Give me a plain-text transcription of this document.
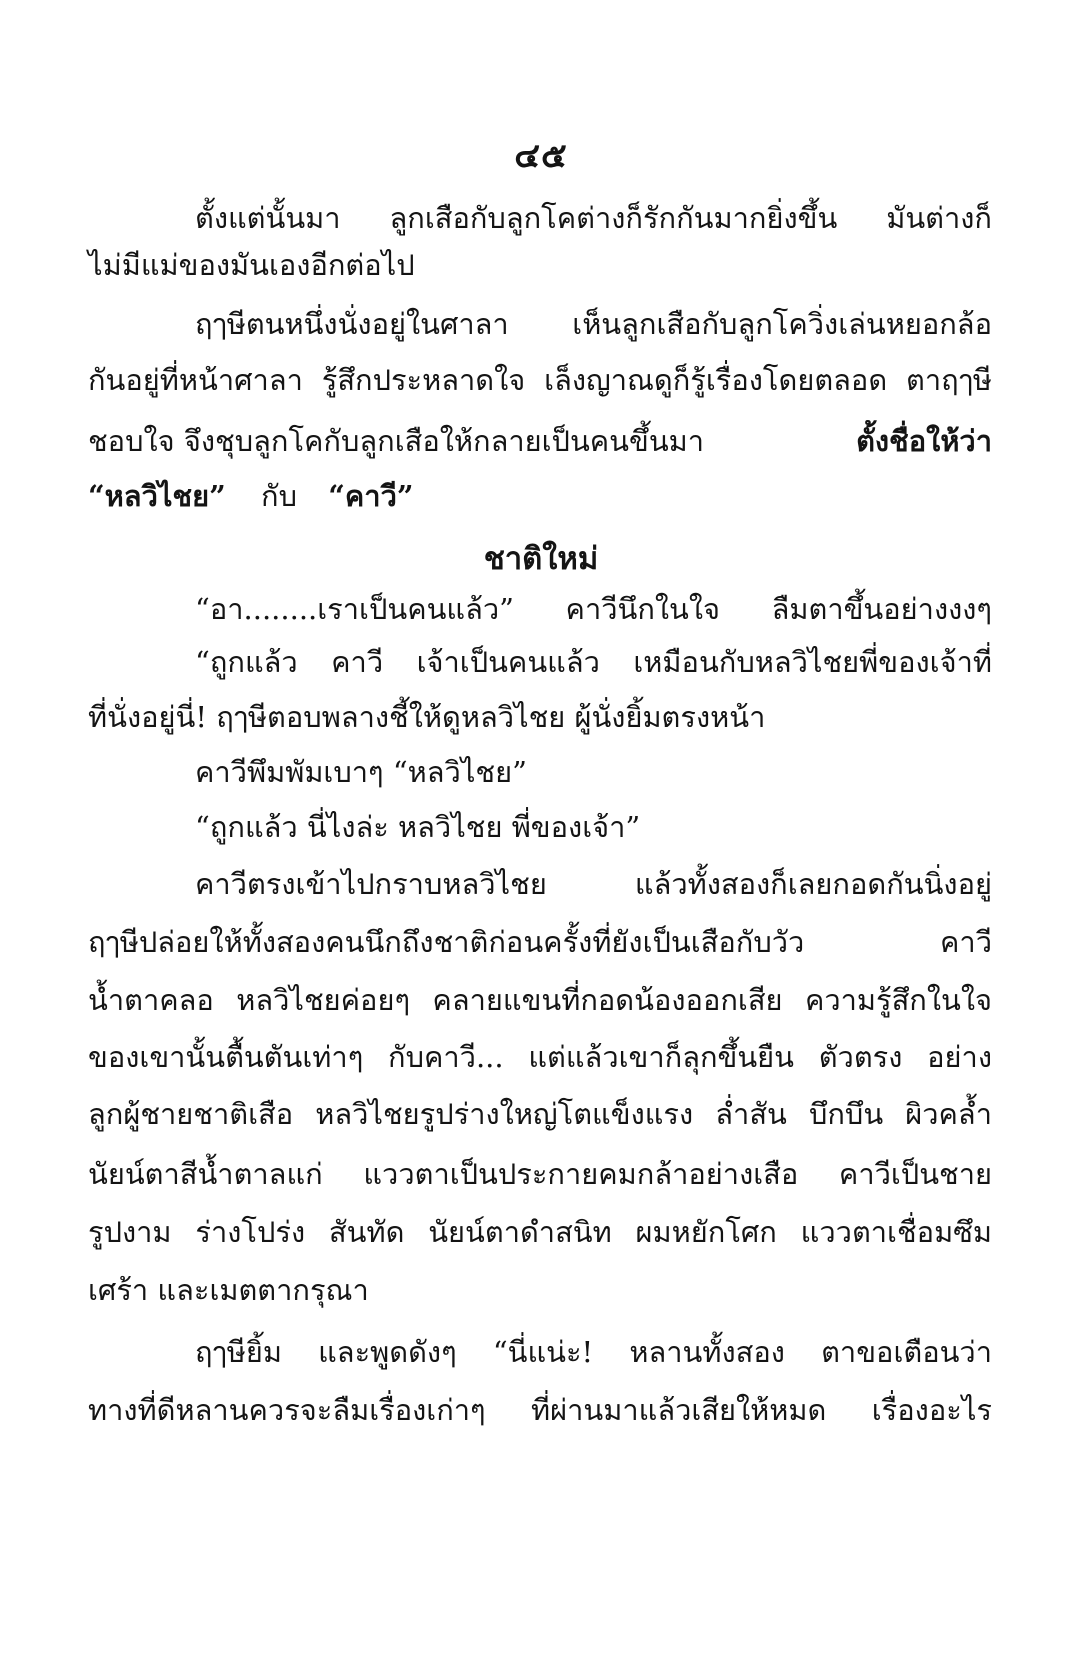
๔๕
ตั้งแต่นั้นมา ลูกเสือกับลูกโคต่างก็รักกันมากยิ่งขึ้น มันต่างก็
ไม่มีแม่ของมันเองอีกต่อไป
ฤๅษีตนหนึ่งนั่งอยู่ในศาลา เห็นลูกเสือกับลูกโควิ่งเล่นหยอกล้อ
กันอยู่ที่หน้าศาลา รู้สึกประหลาดใจ เล็งญาณดูก็รู้เรื่องโดยตลอด ตาฤๅษี
ชอบใจ จึงชุบลูกโคกับลูกเสือให้กลายเป็นคนขึ้นมา	ตั้งชื่อให้ว่า
“หลวิไชย” กับ “คาวี”
ชาติใหม่
“อา........เราเป็นคนแล้ว” คาวีนึกในใจ ลืมตาขึ้นอย่างงงๆ
“ถูกแล้ว คาวี เจ้าเป็นคนแล้ว เหมือนกับหลวิไชยพี่ของเจ้าที่
ที่นั่งอยู่นี่! ฤๅษีตอบพลางชี้ให้ดูหลวิไชย ผู้นั่งยิ้มตรงหน้า
คาวีพึมพัมเบาๆ “หลวิไชย”
“ถูกแล้ว นี่ไงล่ะ หลวิไชย พี่ของเจ้า”
คาวีตรงเข้าไปกราบหลวิไชย แล้วทั้งสองก็เลยกอดกันนิ่งอยู่
ฤๅษีปล่อยให้ทั้งสองคนนึกถึงชาติก่อนครั้งที่ยังเป็นเสือกับวัว คาวี
น้ำตาคลอ หลวิไชยค่อยๆ คลายแขนที่กอดน้องออกเสีย ความรู้สึกในใจ
ของเขานั้นตื้นตันเท่าๆ กับคาวี... แต่แล้วเขาก็ลุกขึ้นยืน ตัวตรง อย่าง
ลูกผู้ชายชาติเสือ หลวิไชยรูปร่างใหญ่โตแข็งแรง ล่ำสัน บึกบึน ผิวคล้ำ
นัยน์ตาสีน้ำตาลแก่ แววตาเป็นประกายคมกล้าอย่างเสือ คาวีเป็นชาย
รูปงาม ร่างโปร่ง สันทัด นัยน์ตาดำสนิท ผมหยักโศก แววตาเชื่อมซึม
เศร้า และเมตตากรุณา
ฤๅษียิ้ม และพูดดังๆ “นี่แน่ะ! หลานทั้งสอง ตาขอเตือนว่า
ทางที่ดีหลานควรจะลืมเรื่องเก่าๆ ที่ผ่านมาแล้วเสียให้หมด เรื่องอะไร
